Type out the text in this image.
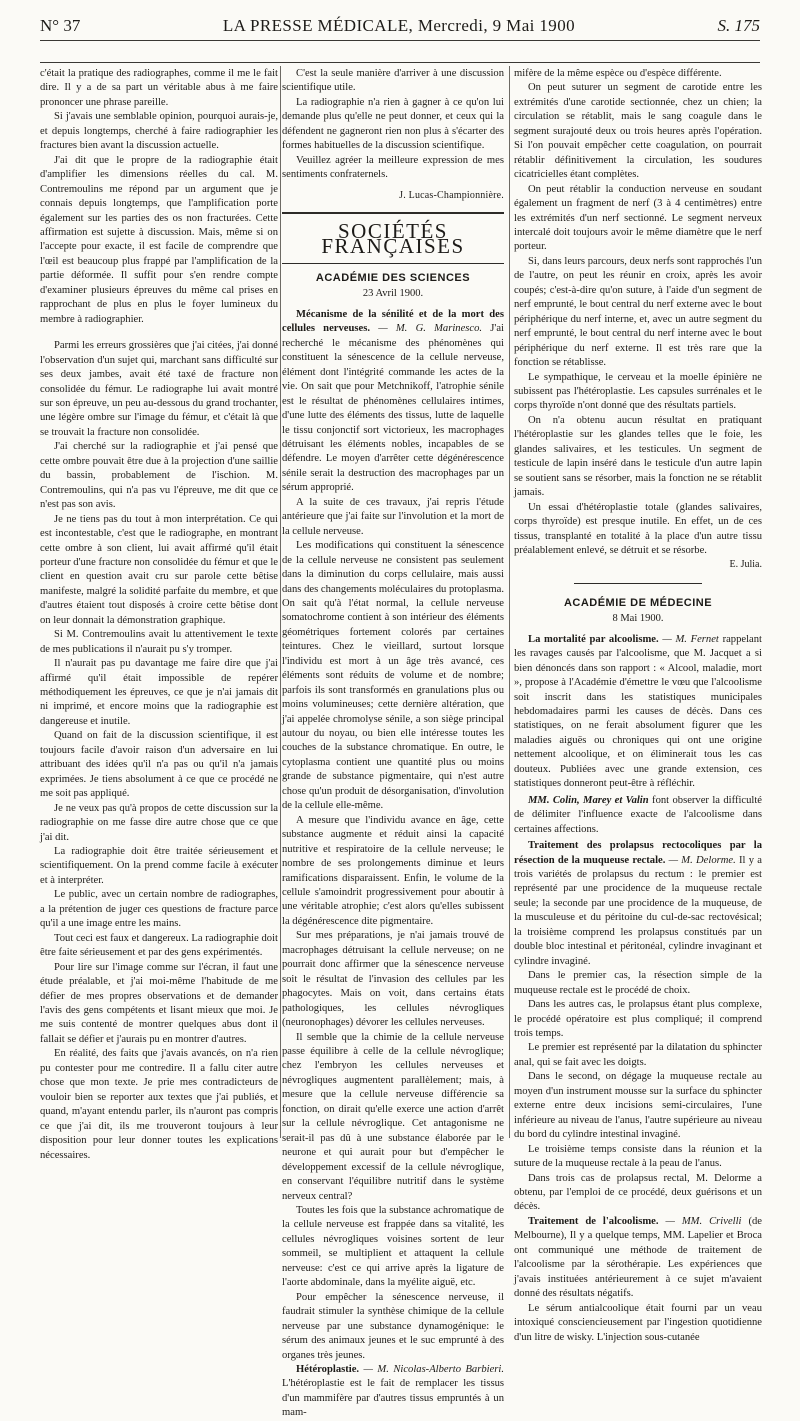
N° 37	LA PRESSE MÉDICALE, Mercredi, 9 Mai 1900	S. 175

c'était la pratique des radiographes, comme il me le fait dire. Il y a de sa part un véritable abus à me faire prononcer une phrase pareille.

Si j'avais une semblable opinion, pourquoi aurais-je, et depuis longtemps, cherché à faire radiographier les fractures bien avant la discussion actuelle.

J'ai dit que le propre de la radiographie était d'amplifier les dimensions réelles du cal. M. Contremoulins me répond par un argument que je connais depuis longtemps, que l'amplification porte également sur les parties des os non fracturées. Cette affirmation est sujette à discussion. Mais, même si on l'accepte pour exacte, il est facile de comprendre que l'œil est beaucoup plus frappé par l'amplification de la partie déformée. Il suffit pour s'en rendre compte d'examiner plusieurs épreuves du même cal prises en rapprochant de plus en plus le foyer lumineux du membre à radiographier.

Parmi les erreurs grossières que j'ai citées, j'ai donné l'observation d'un sujet qui, marchant sans difficulté sur ses deux jambes, avait été taxé de fracture non consolidée du fémur. Le radiographe lui avait montré sur son épreuve, un peu au-dessous du grand trochanter, une légère ombre sur l'image du fémur, et c'était là que se trouvait la fracture non consolidée.

J'ai cherché sur la radiographie et j'ai pensé que cette ombre pouvait être due à la projection d'une saillie du bassin, probablement de l'ischion. M. Contremoulins, qui n'a pas vu l'épreuve, me dit que ce n'est pas son avis.

Je ne tiens pas du tout à mon interprétation. Ce qui est incontestable, c'est que le radiographe, en montrant cette ombre à son client, lui avait affirmé qu'il était porteur d'une fracture non consolidée du fémur et que le client en question avait cru sur parole cette bêtise manifeste, malgré la solidité parfaite du membre, et que d'autres étaient tout disposés à croire cette bêtise dont on leur donnait la démonstration graphique.

Si M. Contremoulins avait lu attentivement le texte de mes publications il n'aurait pu s'y tromper.

Il n'aurait pas pu davantage me faire dire que j'ai affirmé qu'il était impossible de repérer méthodiquement les épreuves, ce que je n'ai jamais dit ni imprimé, et encore moins que la radiographie est dangereuse et inutile.

Quand on fait de la discussion scientifique, il est toujours facile d'avoir raison d'un adversaire en lui attribuant des idées qu'il n'a pas ou qu'il n'a jamais exprimées. Je tiens absolument à ce que ce procédé ne me soit pas appliqué.

Je ne veux pas qu'à propos de cette discussion sur la radiographie on me fasse dire autre chose que ce que j'ai dit.

La radiographie doit être traitée sérieusement et scientifiquement. On la prend comme facile à exécuter et à interpréter.

Le public, avec un certain nombre de radiographes, a la prétention de juger ces questions de fracture parce qu'il a une image entre les mains.

Tout ceci est faux et dangereux. La radiographie doit être faite sérieusement et par des gens expérimentés.

Pour lire sur l'image comme sur l'écran, il faut une étude préalable, et j'ai moi-même l'habitude de me défier de mes propres observations et de demander l'avis des gens compétents et lisant mieux que moi. Je me suis contenté de montrer quelques abus dont il fallait se défier et j'aurais pu en montrer d'autres.

En réalité, des faits que j'avais avancés, on n'a rien pu contester pour me contredire. Il a fallu citer autre chose que mon texte. Je prie mes contradicteurs de vouloir bien se reporter aux textes que j'ai publiés, et quand, m'ayant entendu parler, ils n'auront pas compris ce que j'ai dit, ils me trouveront toujours à leur disposition pour leur donner toutes les explications nécessaires.

C'est la seule manière d'arriver à une discussion scientifique utile.

La radiographie n'a rien à gagner à ce qu'on lui demande plus qu'elle ne peut donner, et ceux qui la défendent ne gagneront rien non plus à s'écarter des formes habituelles de la discussion scientifique.

Veuillez agréer la meilleure expression de mes sentiments confraternels.

J. Lucas-Championnière.
SOCIÉTÉS FRANÇAISES
ACADÉMIE DES SCIENCES
23 Avril 1900.

Mécanisme de la sénilité et de la mort des cellules nerveuses. — M. G. Marinesco. J'ai recherché le mécanisme des phénomènes qui constituent la sénescence de la cellule nerveuse, élément dont l'intégrité commande les actes de la vie. On sait que pour Metchnikoff, l'atrophie sénile est le résultat de phénomènes cellulaires intimes, d'une lutte des éléments des tissus, lutte de laquelle le tissu conjonctif sort victorieux, les macrophages détruisant les éléments nobles, incapables de se défendre. Le moyen d'arrêter cette dégénérescence sénile serait la destruction des macrophages par un sérum approprié.

A la suite de ces travaux, j'ai repris l'étude antérieure que j'ai faite sur l'involution et la mort de la cellule nerveuse.

Les modifications qui constituent la sénescence de la cellule nerveuse ne consistent pas seulement dans la diminution du corps cellulaire, mais aussi dans des changements moléculaires du protoplasma. On sait qu'à l'état normal, la cellule nerveuse somatochrome contient à son intérieur des éléments géométriques fortement colorés par certaines teintures. Chez le vieillard, surtout lorsque l'individu est mort à un âge très avancé, ces éléments sont réduits de volume et de nombre; parfois ils sont transformés en granulations plus ou moins volumineuses; cette dernière altération, que j'ai appelée chromolyse sénile, a son siège principal autour du noyau, ou bien elle intéresse toutes les couches de la substance chromatique. En outre, le cytoplasma contient une quantité plus ou moins grande de substance pigmentaire, qui n'est autre chose qu'un produit de désorganisation, d'involution de la cellule elle-même.

A mesure que l'individu avance en âge, cette substance augmente et réduit ainsi la capacité nutritive et respiratoire de la cellule nerveuse; le nombre de ses prolongements diminue et leurs ramifications disparaissent. Enfin, le volume de la cellule s'amoindrit progressivement pour aboutir à une véritable atrophie; c'est alors qu'elles subissent la dégénérescence dite pigmentaire.

Sur mes préparations, je n'ai jamais trouvé de macrophages détruisant la cellule nerveuse; on ne pourrait donc affirmer que la sénescence nerveuse soit le résultat de l'invasion des cellules par les phagocytes. Mais on voit, dans certains états pathologiques, les cellules névrogliques (neuronophages) dévorer les cellules nerveuses.

Il semble que la chimie de la cellule nerveuse passe équilibre à celle de la cellule névroglique; chez l'embryon les cellules nerveuses et névrogliques augmentent parallèlement; mais, à mesure que la cellule nerveuse différencie sa fonction, on dirait qu'elle exerce une action d'arrêt sur la cellule névroglique. Cet antagonisme ne serait-il pas dû à une substance élaborée par le neurone et qui aurait pour but d'empêcher le développement excessif de la cellule névroglique, en conservant l'équilibre nutritif dans le système nerveux central?

Toutes les fois que la substance achromatique de la cellule nerveuse est frappée dans sa vitalité, les cellules névrogliques voisines sortent de leur sommeil, se multiplient et attaquent la cellule nerveuse: c'est ce qui arrive après la ligature de l'aorte abdominale, dans la myélite aiguë, etc.

Pour empêcher la sénescence nerveuse, il faudrait stimuler la synthèse chimique de la cellule nerveuse par une substance dynamogénique: le sérum des animaux jeunes et le suc emprunté à des organes très jeunes.

Hétéroplastie. — M. Nicolas-Alberto Barbieri. L'hétéroplastie est le fait de remplacer les tissus d'un mammifère par d'autres tissus empruntés à un mam-

mifère de la même espèce ou d'espèce différente.

On peut suturer un segment de carotide entre les extrémités d'une carotide sectionnée, chez un chien; la circulation se rétablit, mais le sang coagule dans le segment surajouté deux ou trois heures après l'opération. Si l'on pouvait empêcher cette coagulation, on pourrait rétablir définitivement la circulation, les soudures cicatricielles étant complètes.

On peut rétablir la conduction nerveuse en soudant également un fragment de nerf (3 à 4 centimètres) entre les extrémités d'un nerf sectionné. Le segment nerveux intercalé doit toujours avoir le même diamètre que le nerf porteur.

Si, dans leurs parcours, deux nerfs sont rapprochés l'un de l'autre, on peut les réunir en croix, après les avoir coupés; c'est-à-dire qu'on suture, à l'aide d'un segment de nerf emprunté, le bout central du nerf externe avec le bout périphérique du nerf interne, et, avec un autre segment du nerf emprunté, le bout central du nerf interne avec le bout périphérique du nerf externe. Il est très rare que la fonction se rétablisse.

Le sympathique, le cerveau et la moelle épinière ne subissent pas l'hétéroplastie. Les capsules surrénales et le corps thyroïde n'ont donné que des résultats partiels.

On n'a obtenu aucun résultat en pratiquant l'hétéroplastie sur les glandes telles que le foie, les glandes salivaires, et les testicules. Un segment de testicule de lapin inséré dans le testicule d'un autre lapin se soutient sans se résorber, mais la fonction ne se rétablit jamais.

Un essai d'hétéroplastie totale (glandes salivaires, corps thyroïde) est presque inutile. En effet, un de ces tissus, transplanté en totalité à la place d'un autre tissu préalablement enlevé, se détruit et se résorbe.

E. Julia.
ACADÉMIE DE MÉDECINE
8 Mai 1900.

La mortalité par alcoolisme. — M. Fernet rappelant les ravages causés par l'alcoolisme, que M. Jacquet a si bien dénoncés dans son rapport : « Alcool, maladie, mort », propose à l'Académie d'émettre le vœu que l'alcoolisme soit inscrit dans les statistiques municipales hebdomadaires parmi les causes de décès. Dans ces statistiques, on ne ferait absolument figurer que les maladies aiguës ou chroniques qui ont une origine nettement alcoolique, et on éliminerait tous les cas douteux. Publiées avec une grande extension, ces statistiques donneront peut-être à réfléchir.

MM. Colin, Marey et Valin font observer la difficulté de délimiter l'influence exacte de l'alcoolisme dans certaines affections.

Traitement des prolapsus rectocoliques par la résection de la muqueuse rectale. — M. Delorme. Il y a trois variétés de prolapsus du rectum : le premier est représenté par une procidence de la muqueuse rectale seule; la seconde par une procidence de la muqueuse, de la musculeuse et du péritoine du cul-de-sac rectovésical; la troisième comprend les prolapsus constitués par un double bloc intestinal et péritonéal, cylindre invaginant et cylindre invaginé.

Dans le premier cas, la résection simple de la muqueuse rectale est le procédé de choix.

Dans les autres cas, le prolapsus étant plus complexe, le procédé opératoire est plus compliqué; il comprend trois temps.

Le premier est représenté par la dilatation du sphincter anal, qui se fait avec les doigts.

Dans le second, on dégage la muqueuse rectale au moyen d'un instrument mousse sur la surface du sphincter externe entre deux incisions semi-circulaires, l'une inférieure au niveau de l'anus, l'autre supérieure au niveau du bord du cylindre intestinal invaginé.

Le troisième temps consiste dans la réunion et la suture de la muqueuse rectale à la peau de l'anus.

Dans trois cas de prolapsus rectal, M. Delorme a obtenu, par l'emploi de ce procédé, deux guérisons et un décès.

Traitement de l'alcoolisme. — MM. Crivelli (de Melbourne), Il y a quelque temps, MM. Lapelier et Broca ont communiqué une méthode de traitement de l'alcoolisme par la sérothérapie. Les expériences que j'avais instituées antérieurement à ce sujet m'avaient donné des résultats négatifs.

Le sérum antialcoolique était fourni par un veau intoxiqué consciencieusement par l'ingestion quotidienne d'un litre de wisky. L'injection sous-cutanée
